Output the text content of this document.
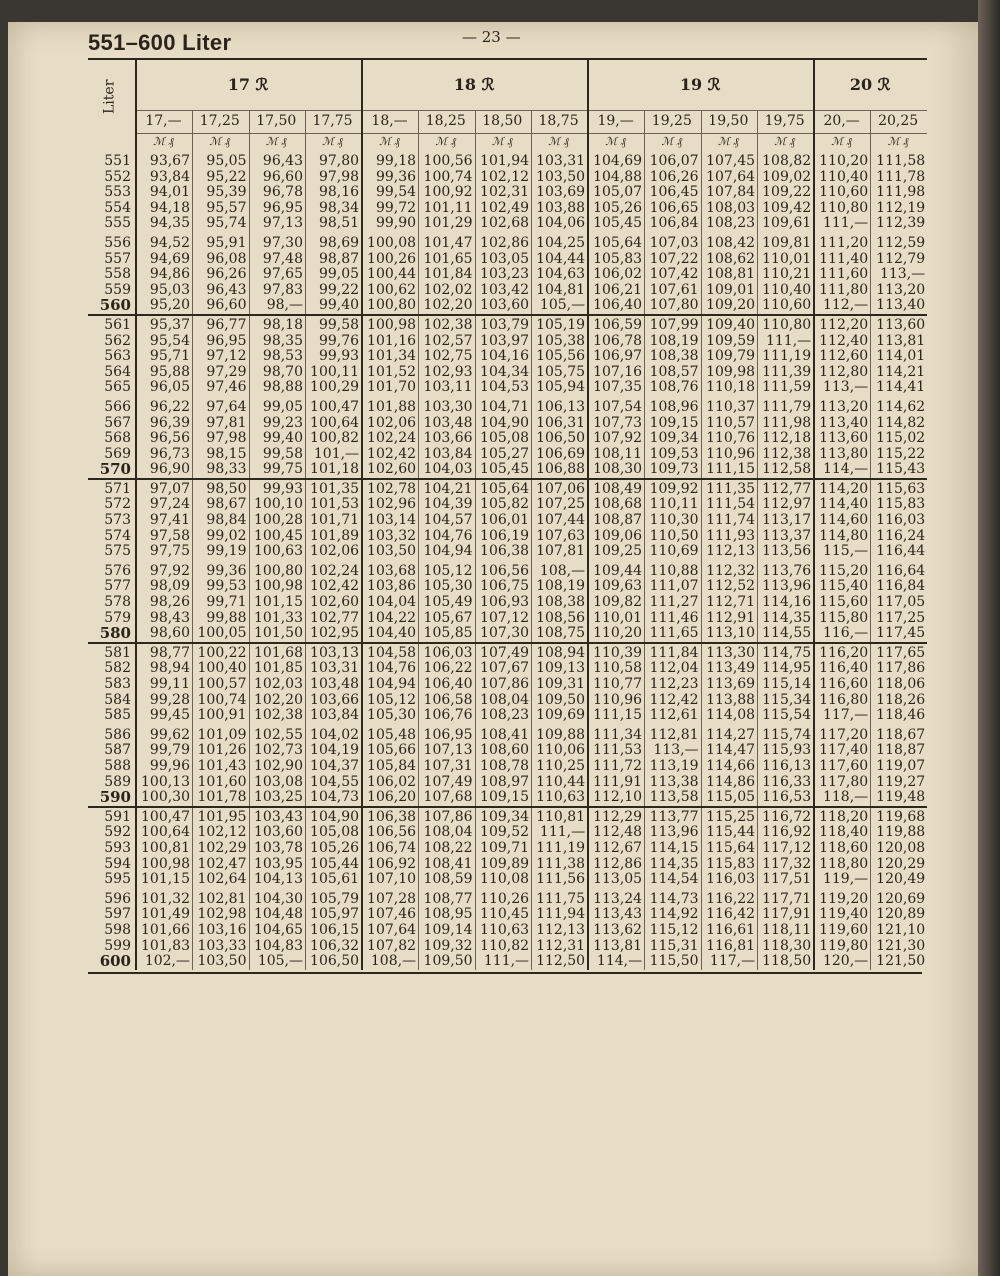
551–600 Liter	— 23 —
Liter	17 ℛ				18 ℛ				19 ℛ				20 ℛ	
	17,—	17,25	17,50	17,75	18,—	18,25	18,50	18,75	19,—	19,25	19,50	19,75	20,—	20,25
	ℳ ₰	ℳ ₰	ℳ ₰	ℳ ₰	ℳ ₰	ℳ ₰	ℳ ₰	ℳ ₰	ℳ ₰	ℳ ₰	ℳ ₰	ℳ ₰	ℳ ₰	ℳ ₰
551	93,67	95,05	96,43	97,80	99,18	100,56	101,94	103,31	104,69	106,07	107,45	108,82	110,20	111,58
552	93,84	95,22	96,60	97,98	99,36	100,74	102,12	103,50	104,88	106,26	107,64	109,02	110,40	111,78
553	94,01	95,39	96,78	98,16	99,54	100,92	102,31	103,69	105,07	106,45	107,84	109,22	110,60	111,98
554	94,18	95,57	96,95	98,34	99,72	101,11	102,49	103,88	105,26	106,65	108,03	109,42	110,80	112,19
555	94,35	95,74	97,13	98,51	99,90	101,29	102,68	104,06	105,45	106,84	108,23	109,61	111,—	112,39
556	94,52	95,91	97,30	98,69	100,08	101,47	102,86	104,25	105,64	107,03	108,42	109,81	111,20	112,59
557	94,69	96,08	97,48	98,87	100,26	101,65	103,05	104,44	105,83	107,22	108,62	110,01	111,40	112,79
558	94,86	96,26	97,65	99,05	100,44	101,84	103,23	104,63	106,02	107,42	108,81	110,21	111,60	113,—
559	95,03	96,43	97,83	99,22	100,62	102,02	103,42	104,81	106,21	107,61	109,01	110,40	111,80	113,20
560	95,20	96,60	98,—	99,40	100,80	102,20	103,60	105,—	106,40	107,80	109,20	110,60	112,—	113,40
561	95,37	96,77	98,18	99,58	100,98	102,38	103,79	105,19	106,59	107,99	109,40	110,80	112,20	113,60
562	95,54	96,95	98,35	99,76	101,16	102,57	103,97	105,38	106,78	108,19	109,59	111,—	112,40	113,81
563	95,71	97,12	98,53	99,93	101,34	102,75	104,16	105,56	106,97	108,38	109,79	111,19	112,60	114,01
564	95,88	97,29	98,70	100,11	101,52	102,93	104,34	105,75	107,16	108,57	109,98	111,39	112,80	114,21
565	96,05	97,46	98,88	100,29	101,70	103,11	104,53	105,94	107,35	108,76	110,18	111,59	113,—	114,41
566	96,22	97,64	99,05	100,47	101,88	103,30	104,71	106,13	107,54	108,96	110,37	111,79	113,20	114,62
567	96,39	97,81	99,23	100,64	102,06	103,48	104,90	106,31	107,73	109,15	110,57	111,98	113,40	114,82
568	96,56	97,98	99,40	100,82	102,24	103,66	105,08	106,50	107,92	109,34	110,76	112,18	113,60	115,02
569	96,73	98,15	99,58	101,—	102,42	103,84	105,27	106,69	108,11	109,53	110,96	112,38	113,80	115,22
570	96,90	98,33	99,75	101,18	102,60	104,03	105,45	106,88	108,30	109,73	111,15	112,58	114,—	115,43
571	97,07	98,50	99,93	101,35	102,78	104,21	105,64	107,06	108,49	109,92	111,35	112,77	114,20	115,63
572	97,24	98,67	100,10	101,53	102,96	104,39	105,82	107,25	108,68	110,11	111,54	112,97	114,40	115,83
573	97,41	98,84	100,28	101,71	103,14	104,57	106,01	107,44	108,87	110,30	111,74	113,17	114,60	116,03
574	97,58	99,02	100,45	101,89	103,32	104,76	106,19	107,63	109,06	110,50	111,93	113,37	114,80	116,24
575	97,75	99,19	100,63	102,06	103,50	104,94	106,38	107,81	109,25	110,69	112,13	113,56	115,—	116,44
576	97,92	99,36	100,80	102,24	103,68	105,12	106,56	108,—	109,44	110,88	112,32	113,76	115,20	116,64
577	98,09	99,53	100,98	102,42	103,86	105,30	106,75	108,19	109,63	111,07	112,52	113,96	115,40	116,84
578	98,26	99,71	101,15	102,60	104,04	105,49	106,93	108,38	109,82	111,27	112,71	114,16	115,60	117,05
579	98,43	99,88	101,33	102,77	104,22	105,67	107,12	108,56	110,01	111,46	112,91	114,35	115,80	117,25
580	98,60	100,05	101,50	102,95	104,40	105,85	107,30	108,75	110,20	111,65	113,10	114,55	116,—	117,45
581	98,77	100,22	101,68	103,13	104,58	106,03	107,49	108,94	110,39	111,84	113,30	114,75	116,20	117,65
582	98,94	100,40	101,85	103,31	104,76	106,22	107,67	109,13	110,58	112,04	113,49	114,95	116,40	117,86
583	99,11	100,57	102,03	103,48	104,94	106,40	107,86	109,31	110,77	112,23	113,69	115,14	116,60	118,06
584	99,28	100,74	102,20	103,66	105,12	106,58	108,04	109,50	110,96	112,42	113,88	115,34	116,80	118,26
585	99,45	100,91	102,38	103,84	105,30	106,76	108,23	109,69	111,15	112,61	114,08	115,54	117,—	118,46
586	99,62	101,09	102,55	104,02	105,48	106,95	108,41	109,88	111,34	112,81	114,27	115,74	117,20	118,67
587	99,79	101,26	102,73	104,19	105,66	107,13	108,60	110,06	111,53	113,—	114,47	115,93	117,40	118,87
588	99,96	101,43	102,90	104,37	105,84	107,31	108,78	110,25	111,72	113,19	114,66	116,13	117,60	119,07
589	100,13	101,60	103,08	104,55	106,02	107,49	108,97	110,44	111,91	113,38	114,86	116,33	117,80	119,27
590	100,30	101,78	103,25	104,73	106,20	107,68	109,15	110,63	112,10	113,58	115,05	116,53	118,—	119,48
591	100,47	101,95	103,43	104,90	106,38	107,86	109,34	110,81	112,29	113,77	115,25	116,72	118,20	119,68
592	100,64	102,12	103,60	105,08	106,56	108,04	109,52	111,—	112,48	113,96	115,44	116,92	118,40	119,88
593	100,81	102,29	103,78	105,26	106,74	108,22	109,71	111,19	112,67	114,15	115,64	117,12	118,60	120,08
594	100,98	102,47	103,95	105,44	106,92	108,41	109,89	111,38	112,86	114,35	115,83	117,32	118,80	120,29
595	101,15	102,64	104,13	105,61	107,10	108,59	110,08	111,56	113,05	114,54	116,03	117,51	119,—	120,49
596	101,32	102,81	104,30	105,79	107,28	108,77	110,26	111,75	113,24	114,73	116,22	117,71	119,20	120,69
597	101,49	102,98	104,48	105,97	107,46	108,95	110,45	111,94	113,43	114,92	116,42	117,91	119,40	120,89
598	101,66	103,16	104,65	106,15	107,64	109,14	110,63	112,13	113,62	115,12	116,61	118,11	119,60	121,10
599	101,83	103,33	104,83	106,32	107,82	109,32	110,82	112,31	113,81	115,31	116,81	118,30	119,80	121,30
600	102,—	103,50	105,—	106,50	108,—	109,50	111,—	112,50	114,—	115,50	117,—	118,50	120,—	121,50
